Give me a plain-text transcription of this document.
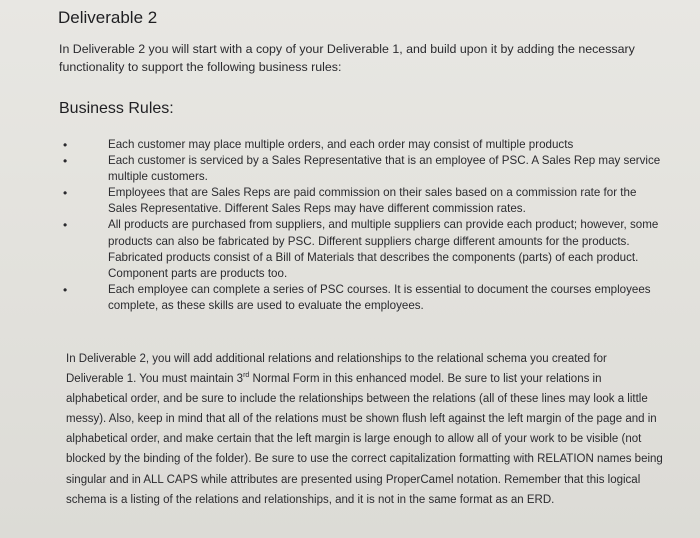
Deliverable 2
In Deliverable 2 you will start with a copy of your Deliverable 1, and build upon it by adding the necessary functionality to support the following business rules:
Business Rules:
•	Each customer may place multiple orders, and each order may consist of multiple products
•	Each customer is serviced by a Sales Representative that is an employee of PSC. A Sales Rep may service multiple customers.
•	Employees that are Sales Reps are paid commission on their sales based on a commission rate for the Sales Representative. Different Sales Reps may have different commission rates.
•	All products are purchased from suppliers, and multiple suppliers can provide each product; however, some products can also be fabricated by PSC. Different suppliers charge different amounts for the products. Fabricated products consist of a Bill of Materials that describes the components (parts) of each product. Component parts are products too.
•	Each employee can complete a series of PSC courses. It is essential to document the courses employees complete, as these skills are used to evaluate the employees.

In Deliverable 2, you will add additional relations and relationships to the relational schema you created for Deliverable 1. You must maintain 3rd Normal Form in this enhanced model. Be sure to list your relations in alphabetical order, and be sure to include the relationships between the relations (all of these lines may look a little messy). Also, keep in mind that all of the relations must be shown flush left against the left margin of the page and in alphabetical order, and make certain that the left margin is large enough to allow all of your work to be visible (not blocked by the binding of the folder). Be sure to use the correct capitalization formatting with RELATION names being singular and in ALL CAPS while attributes are presented using ProperCamel notation. Remember that this logical schema is a listing of the relations and relationships, and it is not in the same format as an ERD.
